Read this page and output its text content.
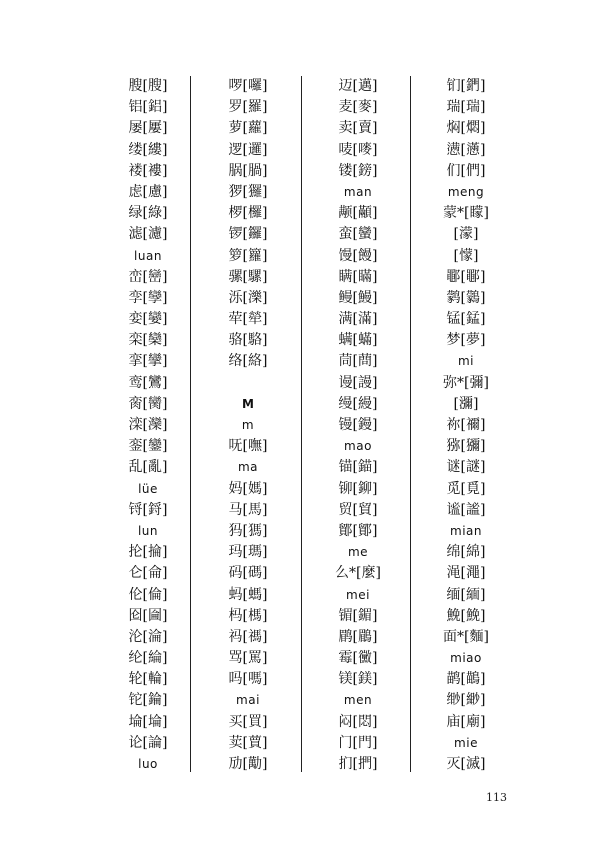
膄[膄]
铝[鋁]
屡[屢]
缕[縷]
褛[褸]
虑[慮]
绿[綠]
滤[濾]
luan
峦[巒]
孪[孿]
娈[孌]
栾[欒]
挛[攣]
鸾[鸞]
脔[臠]
滦[灤]
銮[鑾]
乱[亂]
lüe
锊[鋝]
lun
抡[掄]
仑[侖]
伦[倫]
囵[圇]
沦[淪]
纶[綸]
轮[輪]
铊[錀]
埨[埨]
论[論]
luo
啰[囉]
罗[羅]
萝[蘿]
逻[邏]
脶[腡]
猡[玀]
椤[欏]
锣[鑼]
箩[籮]
骡[騾]
泺[濼]
荦[犖]
骆[駱]
络[絡]
M
m
呒[嘸]
ma
妈[媽]
马[馬]
犸[獁]
玛[瑪]
码[碼]
蚂[螞]
杩[榪]
祃[禡]
骂[罵]
吗[嗎]
mai
买[買]
荬[蕒]
劢[勱]
迈[邁]
麦[麥]
卖[賣]
唛[嘜]
镂[鎊]
man
颟[顢]
蛮[蠻]
馒[饅]
瞒[瞞]
鳗[鰻]
满[滿]
螨[蟎]
茼[蔄]
谩[謾]
缦[縵]
镘[鏝]
mao
锚[錨]
铆[鉚]
贸[貿]
鄮[鄮]
me
么*[麼]
mei
镅[鎇]
鹛[鶥]
霉[黴]
镁[鎂]
men
闷[悶]
门[門]
扪[捫]
钔[鍆]
瑞[瑞]
焖[燜]
懑[懣]
们[們]
meng
蒙*[矇]
[濛]
[懞]
鄳[鄳]
鹲[鸏]
锰[錳]
梦[夢]
mi
弥*[彌]
[瀰]
祢[禰]
猕[獼]
谜[謎]
觅[覓]
谧[謐]
mian
绵[綿]
渑[澠]
缅[緬]
鮸[鮸]
面*[麵]
miao
鹋[鶓]
缈[緲]
庙[廟]
mie
灭[滅]
113
